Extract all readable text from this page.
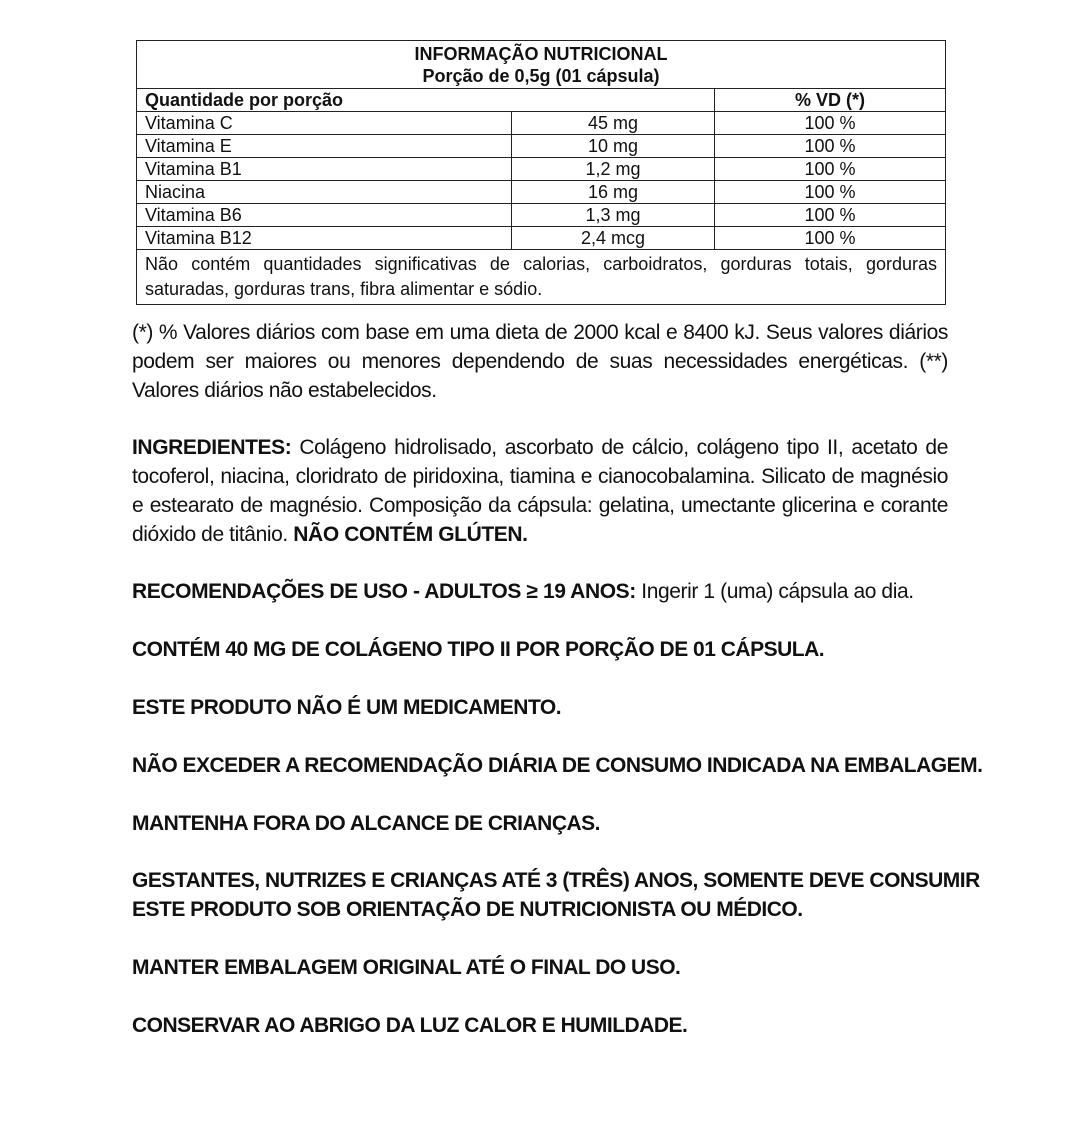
INFORMAÇÃO NUTRICIONAL
Porção de 0,5g (01 cápsula)		

Quantidade por porção		% VD (*)
Vitamina C	45 mg	100 %
Vitamina E	10 mg	100 %
Vitamina B1	1,2 mg	100 %
Niacina	16 mg	100 %
Vitamina B6	1,3 mg	100 %
Vitamina B12	2,4 mcg	100 %
Não contém quantidades significativas de calorias, carboidratos, gorduras totais, gorduras saturadas, gorduras trans, fibra alimentar e sódio.		

(*) % Valores diários com base em uma dieta de 2000 kcal e 8400 kJ. Seus valores diários podem ser maiores ou menores dependendo de suas necessidades energéticas. (**) Valores diários não estabelecidos.

INGREDIENTES: Colágeno hidrolisado, ascorbato de cálcio, colágeno tipo II, acetato de tocoferol, niacina, cloridrato de piridoxina, tiamina e cianocobalamina. Silicato de magnésio e estearato de magnésio. Composição da cápsula: gelatina, umectante glicerina e corante dióxido de titânio. NÃO CONTÉM GLÚTEN.

RECOMENDAÇÕES DE USO - ADULTOS ≥ 19 ANOS: Ingerir 1 (uma) cápsula ao dia.

CONTÉM 40 MG DE COLÁGENO TIPO II POR PORÇÃO DE 01 CÁPSULA.

ESTE PRODUTO NÃO É UM MEDICAMENTO.

NÃO EXCEDER A RECOMENDAÇÃO DIÁRIA DE CONSUMO INDICADA NA EMBALAGEM.

MANTENHA FORA DO ALCANCE DE CRIANÇAS.

GESTANTES, NUTRIZES E CRIANÇAS ATÉ 3 (TRÊS) ANOS, SOMENTE DEVE CONSUMIR
ESTE PRODUTO SOB ORIENTAÇÃO DE NUTRICIONISTA OU MÉDICO.

MANTER EMBALAGEM ORIGINAL ATÉ O FINAL DO USO.

CONSERVAR AO ABRIGO DA LUZ CALOR E HUMILDADE.
